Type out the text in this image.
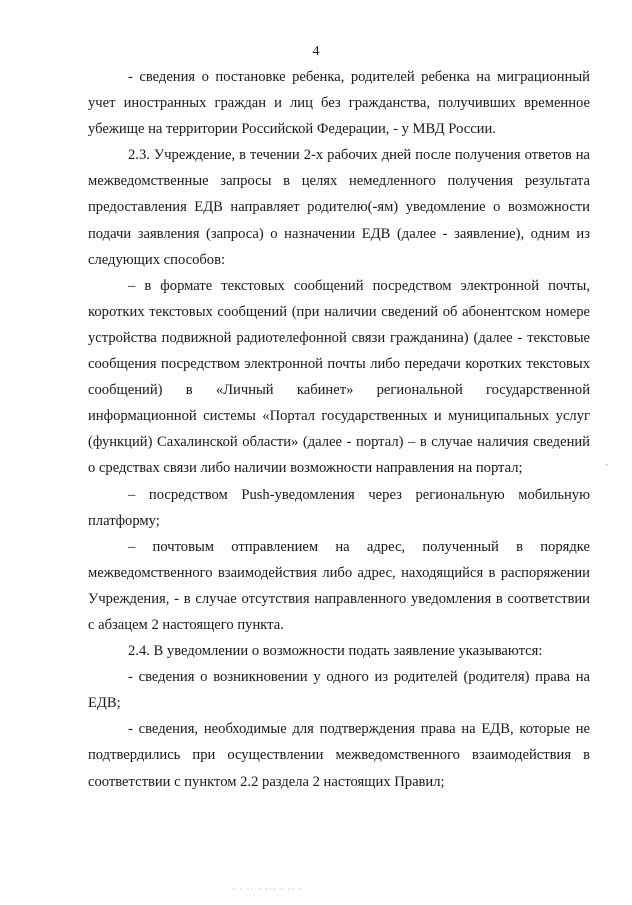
4

- сведения о постановке ребенка, родителей ребенка на миграционный учет иностранных граждан и лиц без гражданства, получивших временное убежище на территории Российской Федерации, - у МВД России.

2.3. Учреждение, в течении 2-х рабочих дней после получения ответов на межведомственные запросы в целях немедленного получения результата предоставления ЕДВ направляет родителю(-ям) уведомление о возможности подачи заявления (запроса) о назначении ЕДВ (далее - заявление), одним из следующих способов:

– в формате текстовых сообщений посредством электронной почты, коротких текстовых сообщений (при наличии сведений об абонентском номере устройства подвижной радиотелефонной связи гражданина) (далее - текстовые сообщения посредством электронной почты либо передачи коротких текстовых сообщений) в «Личный кабинет» региональной государственной информационной системы «Портал государственных и муниципальных услуг (функций) Сахалинской области» (далее - портал) – в случае наличия сведений о средствах связи либо наличии возможности направления на портал;

– посредством Push-уведомления через региональную мобильную платформу;

– почтовым отправлением на адрес, полученный в порядке межведомственного взаимодействия либо адрес, находящийся в распоряжении Учреждения, - в случае отсутствия направленного уведомления в соответствии с абзацем 2 настоящего пункта.

2.4. В уведомлении о возможности подать заявление указываются:

- сведения о возникновении у одного из родителей (родителя) права на ЕДВ;

- сведения, необходимые для подтверждения права на ЕДВ, которые не подтвердились при осуществлении межведомственного взаимодействия в соответствии с пунктом 2.2 раздела 2 настоящих Правил;

,
· · ·· · ··· · ·· ·
